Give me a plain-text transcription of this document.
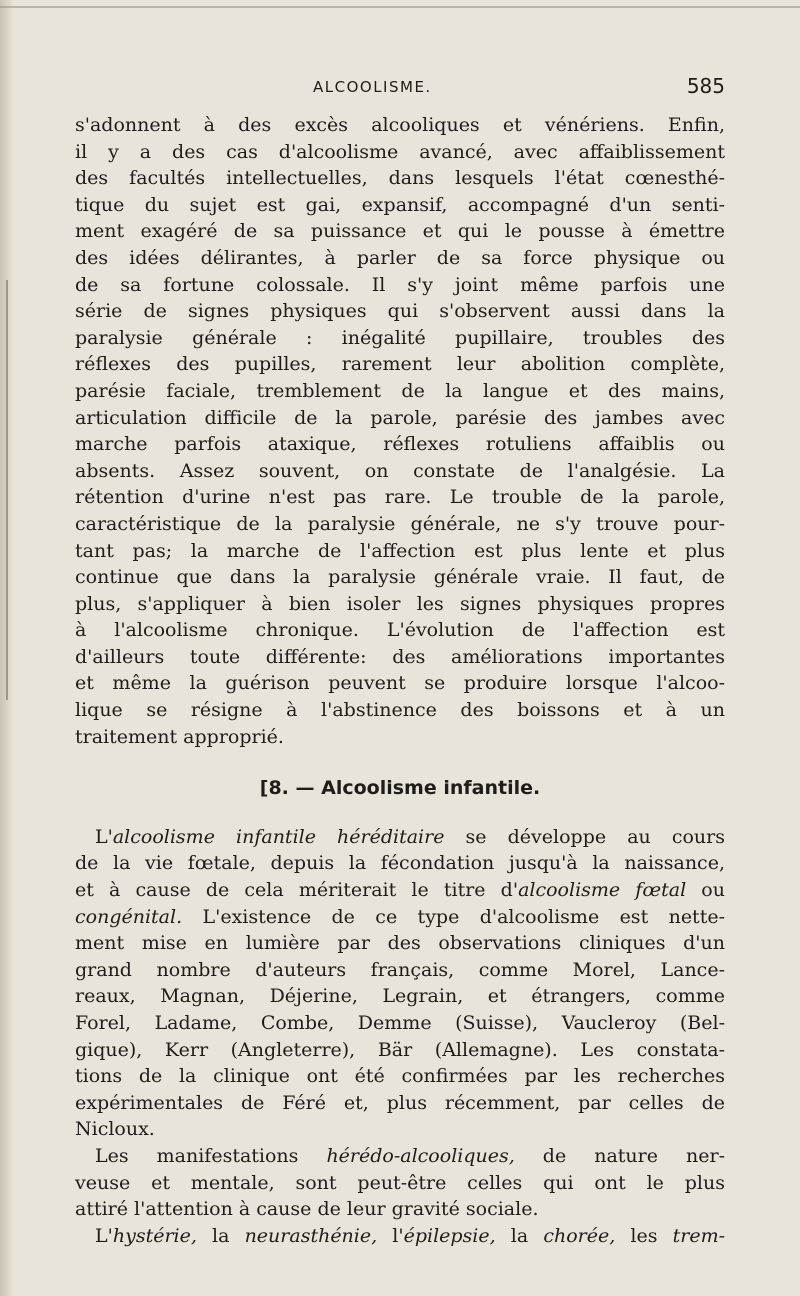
ALCOOLISME.	585
s'adonnent à des excès alcooliques et vénériens. Enfin,
il y a des cas d'alcoolisme avancé, avec affaiblissement
des facultés intellectuelles, dans lesquels l'état cœnesthé-
tique du sujet est gai, expansif, accompagné d'un senti-
ment exagéré de sa puissance et qui le pousse à émettre
des idées délirantes, à parler de sa force physique ou
de sa fortune colossale. Il s'y joint même parfois une
série de signes physiques qui s'observent aussi dans la
paralysie générale : inégalité pupillaire, troubles des
réflexes des pupilles, rarement leur abolition complète,
parésie faciale, tremblement de la langue et des mains,
articulation difficile de la parole, parésie des jambes avec
marche parfois ataxique, réflexes rotuliens affaiblis ou
absents. Assez souvent, on constate de l'analgésie. La
rétention d'urine n'est pas rare. Le trouble de la parole,
caractéristique de la paralysie générale, ne s'y trouve pour-
tant pas; la marche de l'affection est plus lente et plus
continue que dans la paralysie générale vraie. Il faut, de
plus, s'appliquer à bien isoler les signes physiques propres
à l'alcoolisme chronique. L'évolution de l'affection est
d'ailleurs toute différente: des améliorations importantes
et même la guérison peuvent se produire lorsque l'alcoo-
lique se résigne à l'abstinence des boissons et à un
traitement approprié.
[8. — Alcoolisme infantile.
L'alcoolisme infantile héréditaire se développe au cours
de la vie fœtale, depuis la fécondation jusqu'à la naissance,
et à cause de cela mériterait le titre d'alcoolisme fœtal ou
congénital. L'existence de ce type d'alcoolisme est nette-
ment mise en lumière par des observations cliniques d'un
grand nombre d'auteurs français, comme Morel, Lance-
reaux, Magnan, Déjerine, Legrain, et étrangers, comme
Forel, Ladame, Combe, Demme (Suisse), Vaucleroy (Bel-
gique), Kerr (Angleterre), Bär (Allemagne). Les constata-
tions de la clinique ont été confirmées par les recherches
expérimentales de Féré et, plus récemment, par celles de
Nicloux.
Les manifestations hérédo-alcooliques, de nature ner-
veuse et mentale, sont peut-être celles qui ont le plus
attiré l'attention à cause de leur gravité sociale.
L'hystérie, la neurasthénie, l'épilepsie, la chorée, les trem-
